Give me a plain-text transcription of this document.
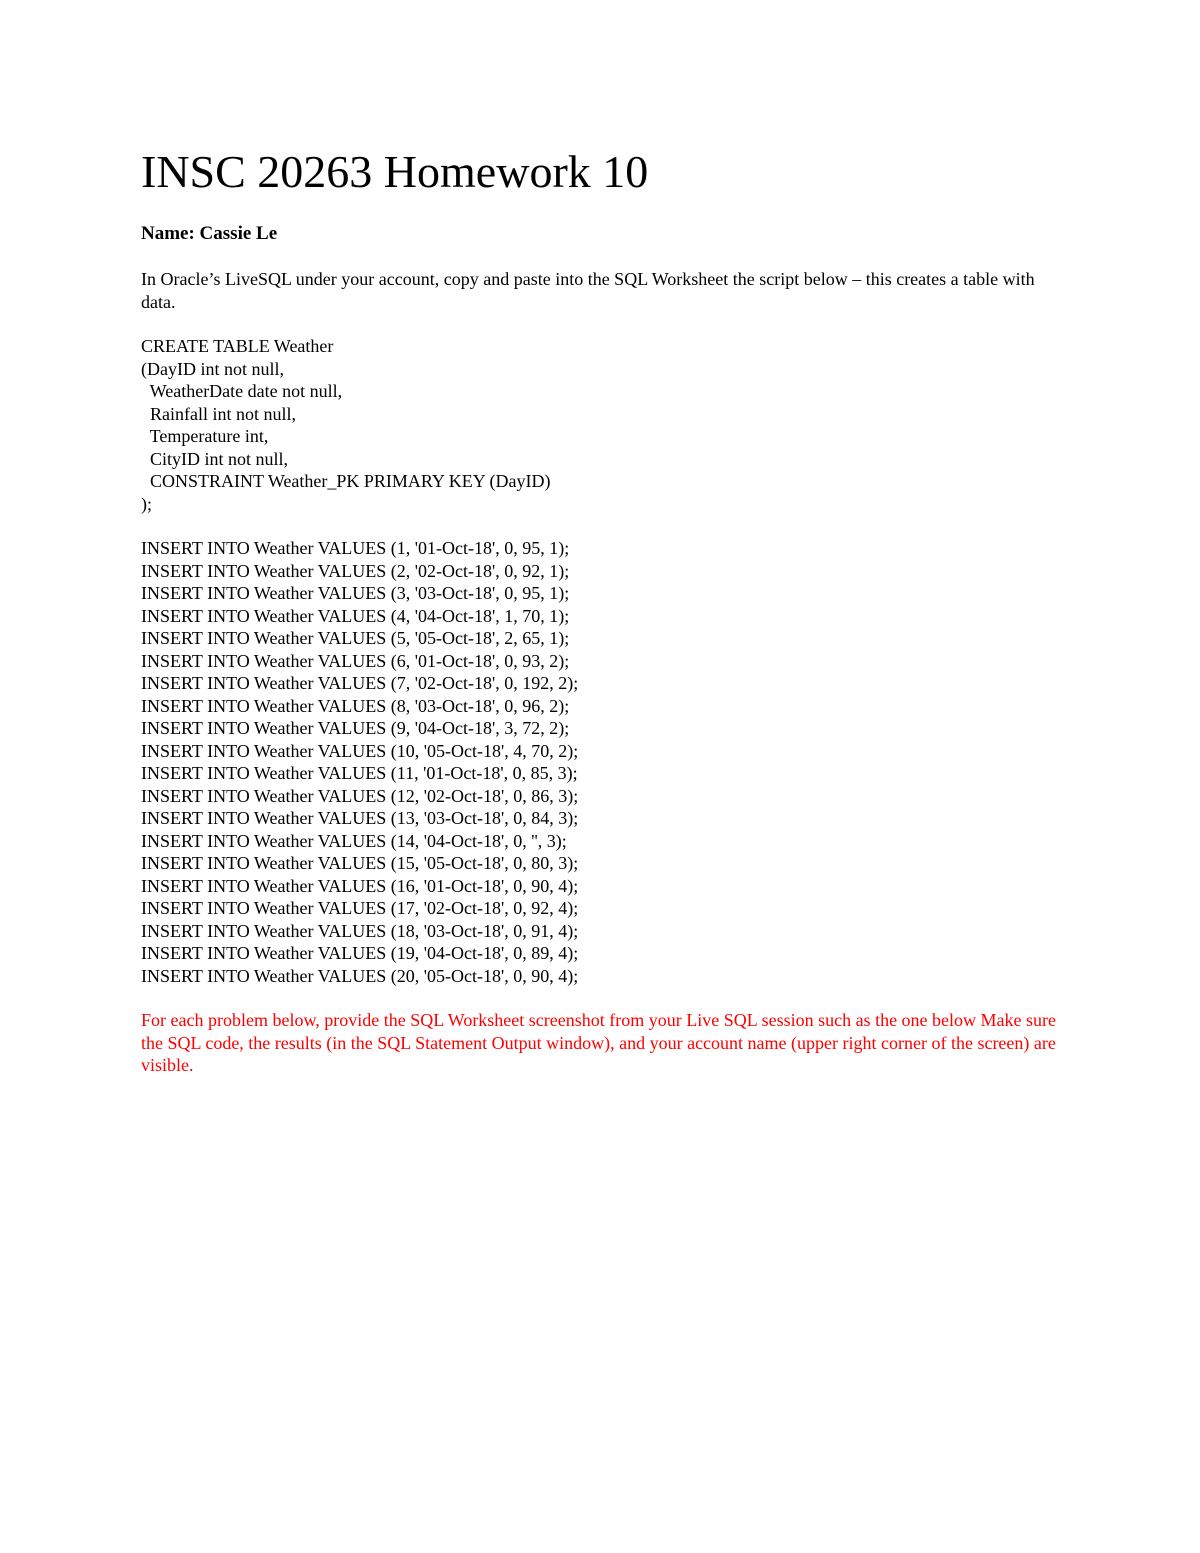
INSC 20263 Homework 10

Name: Cassie Le

In Oracle’s LiveSQL under your account, copy and paste into the SQL Worksheet the script below – this creates a table with data.

CREATE TABLE Weather
(DayID int not null,
WeatherDate date not null,
Rainfall int not null,
Temperature int,
CityID int not null,
CONSTRAINT Weather_PK PRIMARY KEY (DayID)
);
INSERT INTO Weather VALUES (1, '01-Oct-18', 0, 95, 1);
INSERT INTO Weather VALUES (2, '02-Oct-18', 0, 92, 1);
INSERT INTO Weather VALUES (3, '03-Oct-18', 0, 95, 1);
INSERT INTO Weather VALUES (4, '04-Oct-18', 1, 70, 1);
INSERT INTO Weather VALUES (5, '05-Oct-18', 2, 65, 1);
INSERT INTO Weather VALUES (6, '01-Oct-18', 0, 93, 2);
INSERT INTO Weather VALUES (7, '02-Oct-18', 0, 192, 2);
INSERT INTO Weather VALUES (8, '03-Oct-18', 0, 96, 2);
INSERT INTO Weather VALUES (9, '04-Oct-18', 3, 72, 2);
INSERT INTO Weather VALUES (10, '05-Oct-18', 4, 70, 2);
INSERT INTO Weather VALUES (11, '01-Oct-18', 0, 85, 3);
INSERT INTO Weather VALUES (12, '02-Oct-18', 0, 86, 3);
INSERT INTO Weather VALUES (13, '03-Oct-18', 0, 84, 3);
INSERT INTO Weather VALUES (14, '04-Oct-18', 0, '', 3);
INSERT INTO Weather VALUES (15, '05-Oct-18', 0, 80, 3);
INSERT INTO Weather VALUES (16, '01-Oct-18', 0, 90, 4);
INSERT INTO Weather VALUES (17, '02-Oct-18', 0, 92, 4);
INSERT INTO Weather VALUES (18, '03-Oct-18', 0, 91, 4);
INSERT INTO Weather VALUES (19, '04-Oct-18', 0, 89, 4);
INSERT INTO Weather VALUES (20, '05-Oct-18', 0, 90, 4);

For each problem below, provide the SQL Worksheet screenshot from your Live SQL session such as the one below Make sure the SQL code, the results (in the SQL Statement Output window), and your account name (upper right corner of the screen) are visible.
